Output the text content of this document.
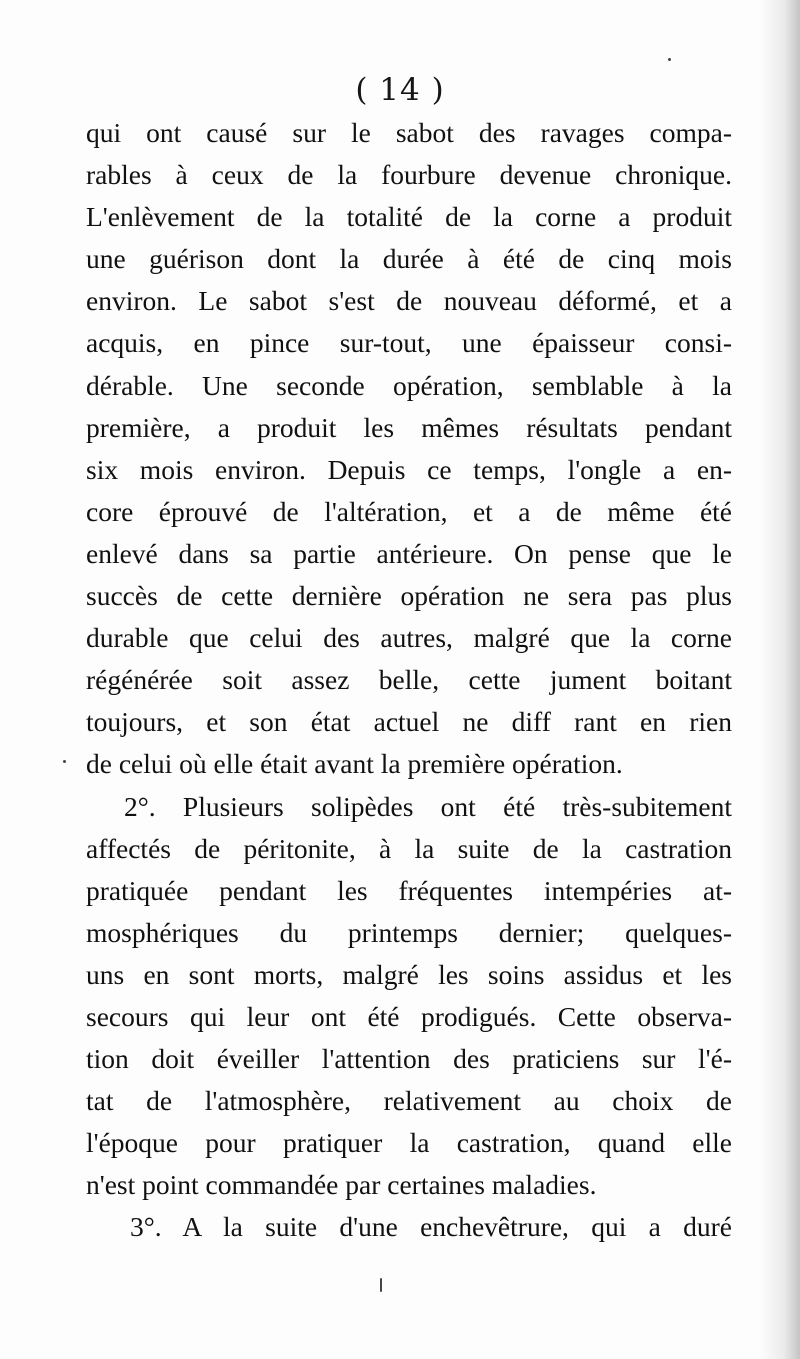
( 14 )
qui ont causé sur le sabot des ravages compa-
rables à ceux de la fourbure devenue chronique.
L'enlèvement de la totalité de la corne a produit
une guérison dont la durée à été de cinq mois
environ. Le sabot s'est de nouveau déformé, et a
acquis, en pince sur-tout, une épaisseur consi-
dérable. Une seconde opération, semblable à la
première, a produit les mêmes résultats pendant
six mois environ. Depuis ce temps, l'ongle a en-
core éprouvé de l'altération, et a de même été
enlevé dans sa partie antérieure. On pense que le
succès de cette dernière opération ne sera pas plus
durable que celui des autres, malgré que la corne
régénérée soit assez belle, cette jument boitant
toujours, et son état actuel ne diff rant en rien
de celui où elle était avant la première opération.
2°. Plusieurs solipèdes ont été très-subitement
affectés de péritonite, à la suite de la castration
pratiquée pendant les fréquentes intempéries at-
mosphériques du printemps dernier; quelques-
uns en sont morts, malgré les soins assidus et les
secours qui leur ont été prodigués. Cette observa-
tion doit éveiller l'attention des praticiens sur l'é-
tat de l'atmosphère, relativement au choix de
l'époque pour pratiquer la castration, quand elle
n'est point commandée par certaines maladies.
3°. A la suite d'une enchevêtrure, qui a duré
